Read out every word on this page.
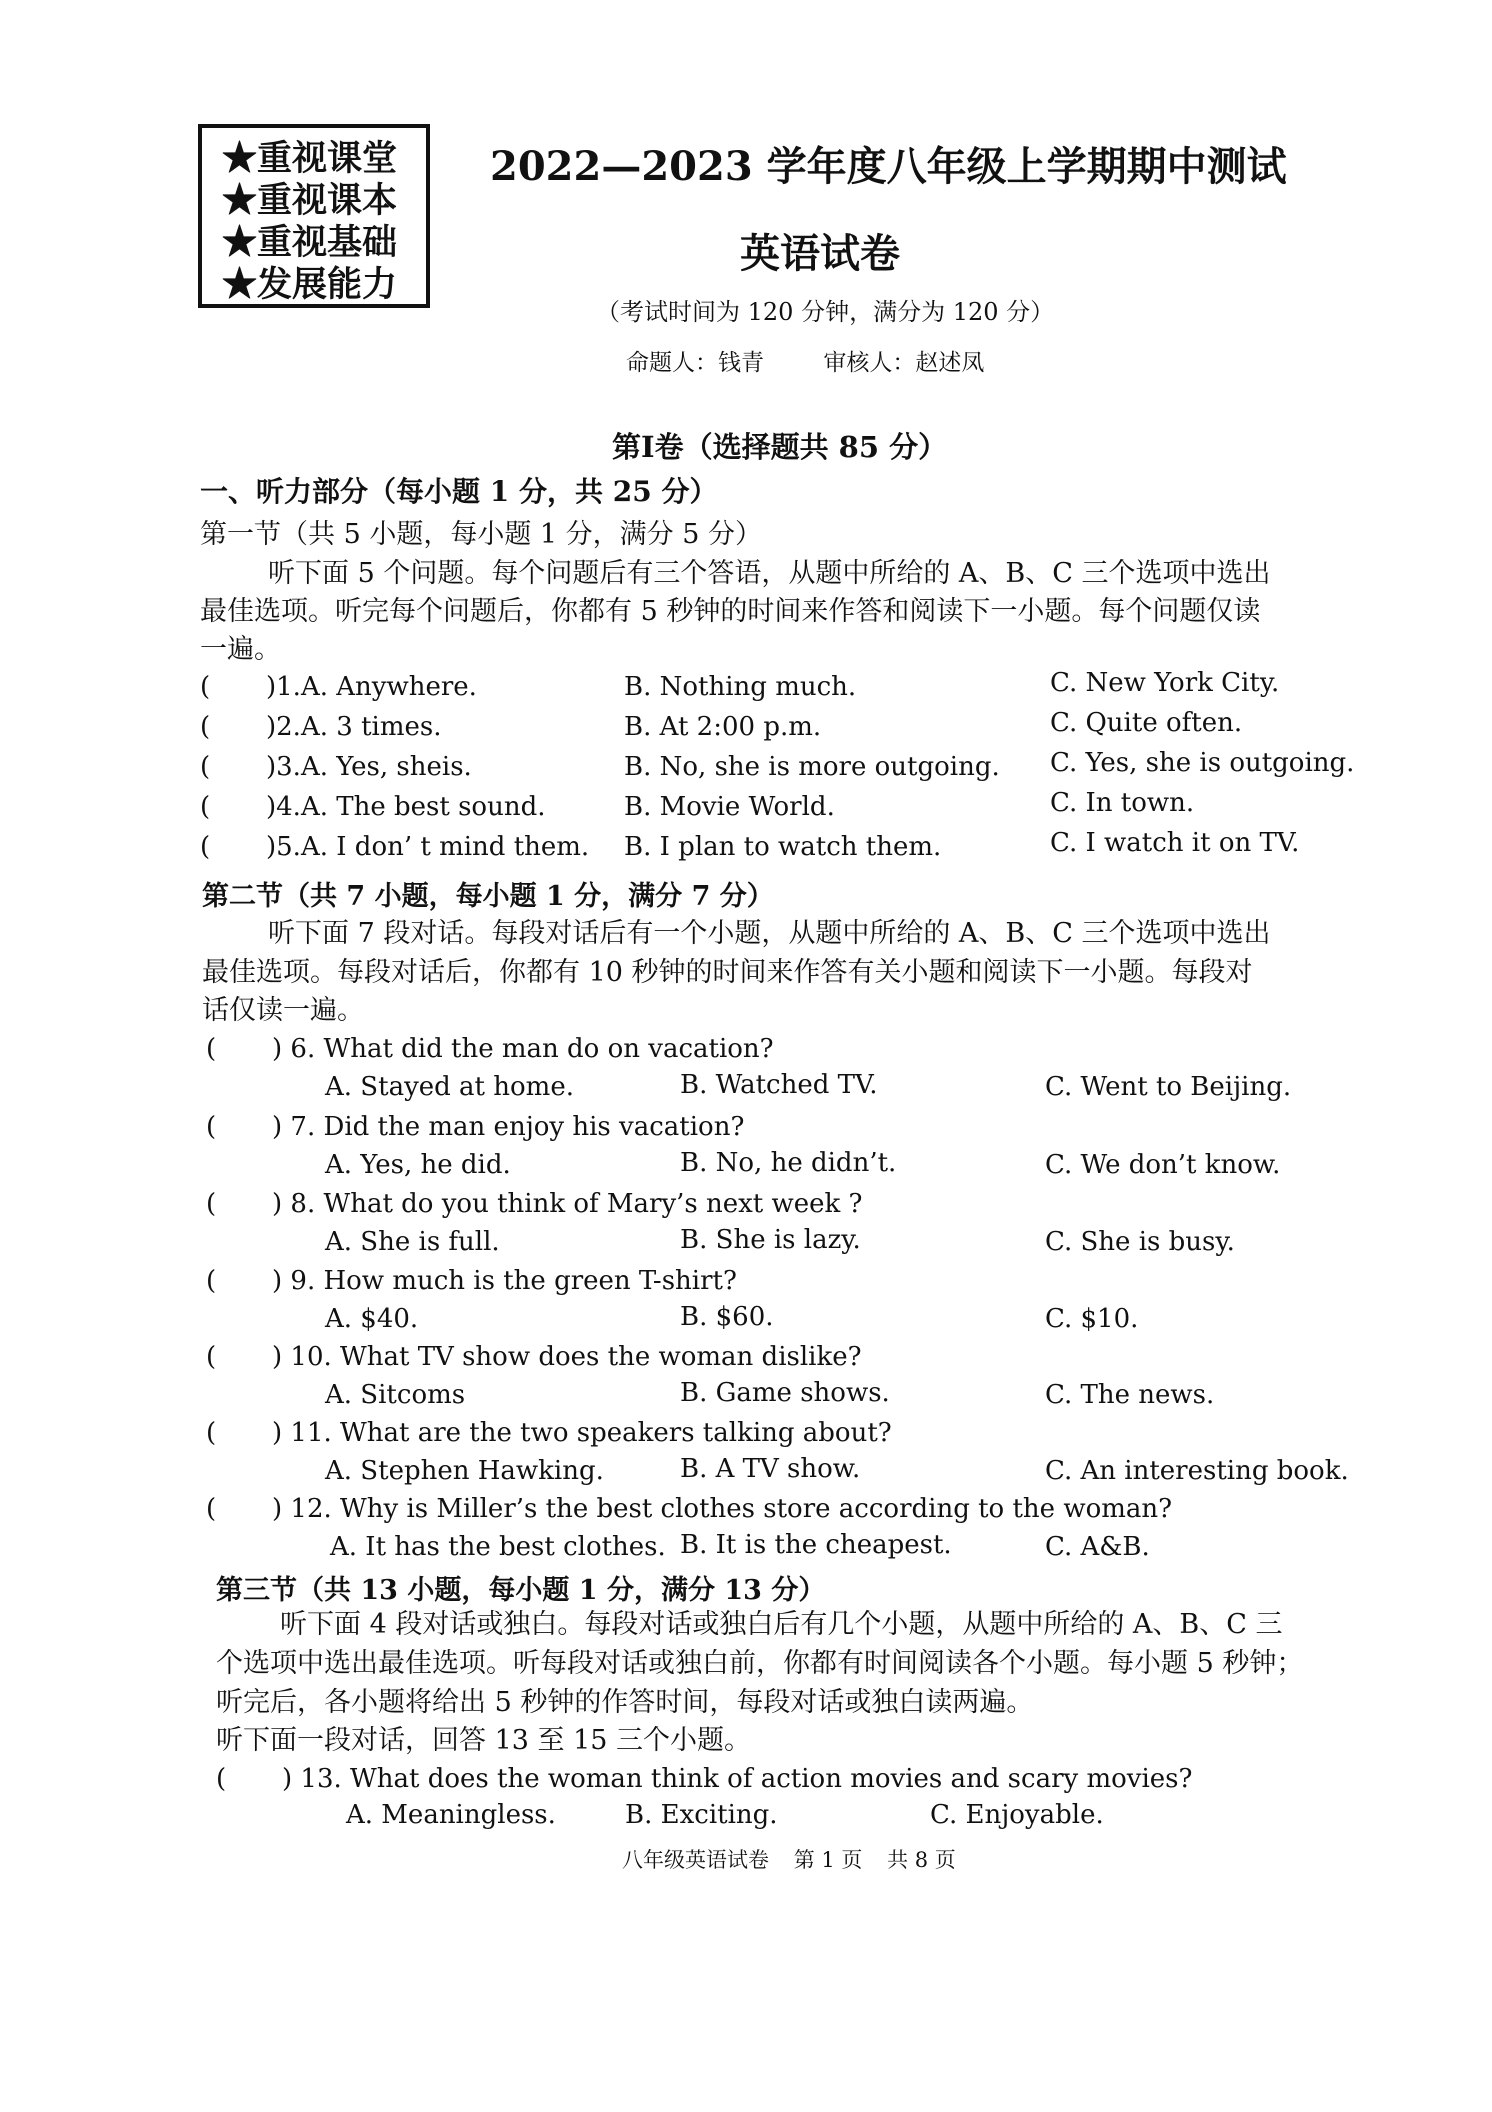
★重视课堂
★重视课本
★重视基础
★发展能力
2022—2023 学年度八年级上学期期中测试
英语试卷
（考试时间为 120 分钟，满分为 120 分）
命题人：钱青	审核人：赵述凤
第Ⅰ卷（选择题共 85 分）
一、听力部分（每小题 1 分，共 25 分）
第一节（共 5 小题，每小题 1 分，满分 5 分）
听下面 5 个问题。每个问题后有三个答语，从题中所给的 A、B、C 三个选项中选出
最佳选项。听完每个问题后，你都有 5 秒钟的时间来作答和阅读下一小题。每个问题仅读
一遍。
( )1.A. Anywhere.	B. Nothing much.	C. New York City.
( )2.A. 3 times.	B. At 2:00 p.m.	C. Quite often.
( )3.A. Yes, sheis.	B. No, she is more outgoing. C. Yes, she is outgoing.
( )4.A. The best sound.	B. Movie World.	C. In town.
( )5.A. I don’ t mind them. B. I plan to watch them.	C. I watch it on TV.
第二节（共 7 小题，每小题 1 分，满分 7 分）
听下面 7 段对话。每段对话后有一个小题，从题中所给的 A、B、C 三个选项中选出
最佳选项。每段对话后，你都有 10 秒钟的时间来作答有关小题和阅读下一小题。每段对
话仅读一遍。
( ) 6. What did the man do on vacation?
A. Stayed at home.	B. Watched TV.	C. Went to Beijing.
( ) 7. Did the man enjoy his vacation?
A. Yes, he did.	B. No, he didn’t.	C. We don’t know.
( ) 8. What do you think of Mary’s next week ?
A. She is full.	B. She is lazy.	C. She is busy.
( ) 9. How much is the green T-shirt?
A. $40.	B. $60.	C. $10.
( ) 10. What TV show does the woman dislike?
A. Sitcoms	B. Game shows.	C. The news.
( ) 11. What are the two speakers talking about?
A. Stephen Hawking.	B. A TV show.	C. An interesting book.
( ) 12. Why is Miller’s the best clothes store according to the woman?
A. It has the best clothes. B. It is the cheapest.	C. A&B.
第三节（共 13 小题，每小题 1 分，满分 13 分）
听下面 4 段对话或独白。每段对话或独白后有几个小题，从题中所给的 A、B、C 三
个选项中选出最佳选项。听每段对话或独白前，你都有时间阅读各个小题。每小题 5 秒钟；
听完后，各小题将给出 5 秒钟的作答时间，每段对话或独白读两遍。
听下面一段对话，回答 13 至 15 三个小题。
( ) 13. What does the woman think of action movies and scary movies?
A. Meaningless.	B. Exciting.	C. Enjoyable.
八年级英语试卷 第 1 页 共 8 页
